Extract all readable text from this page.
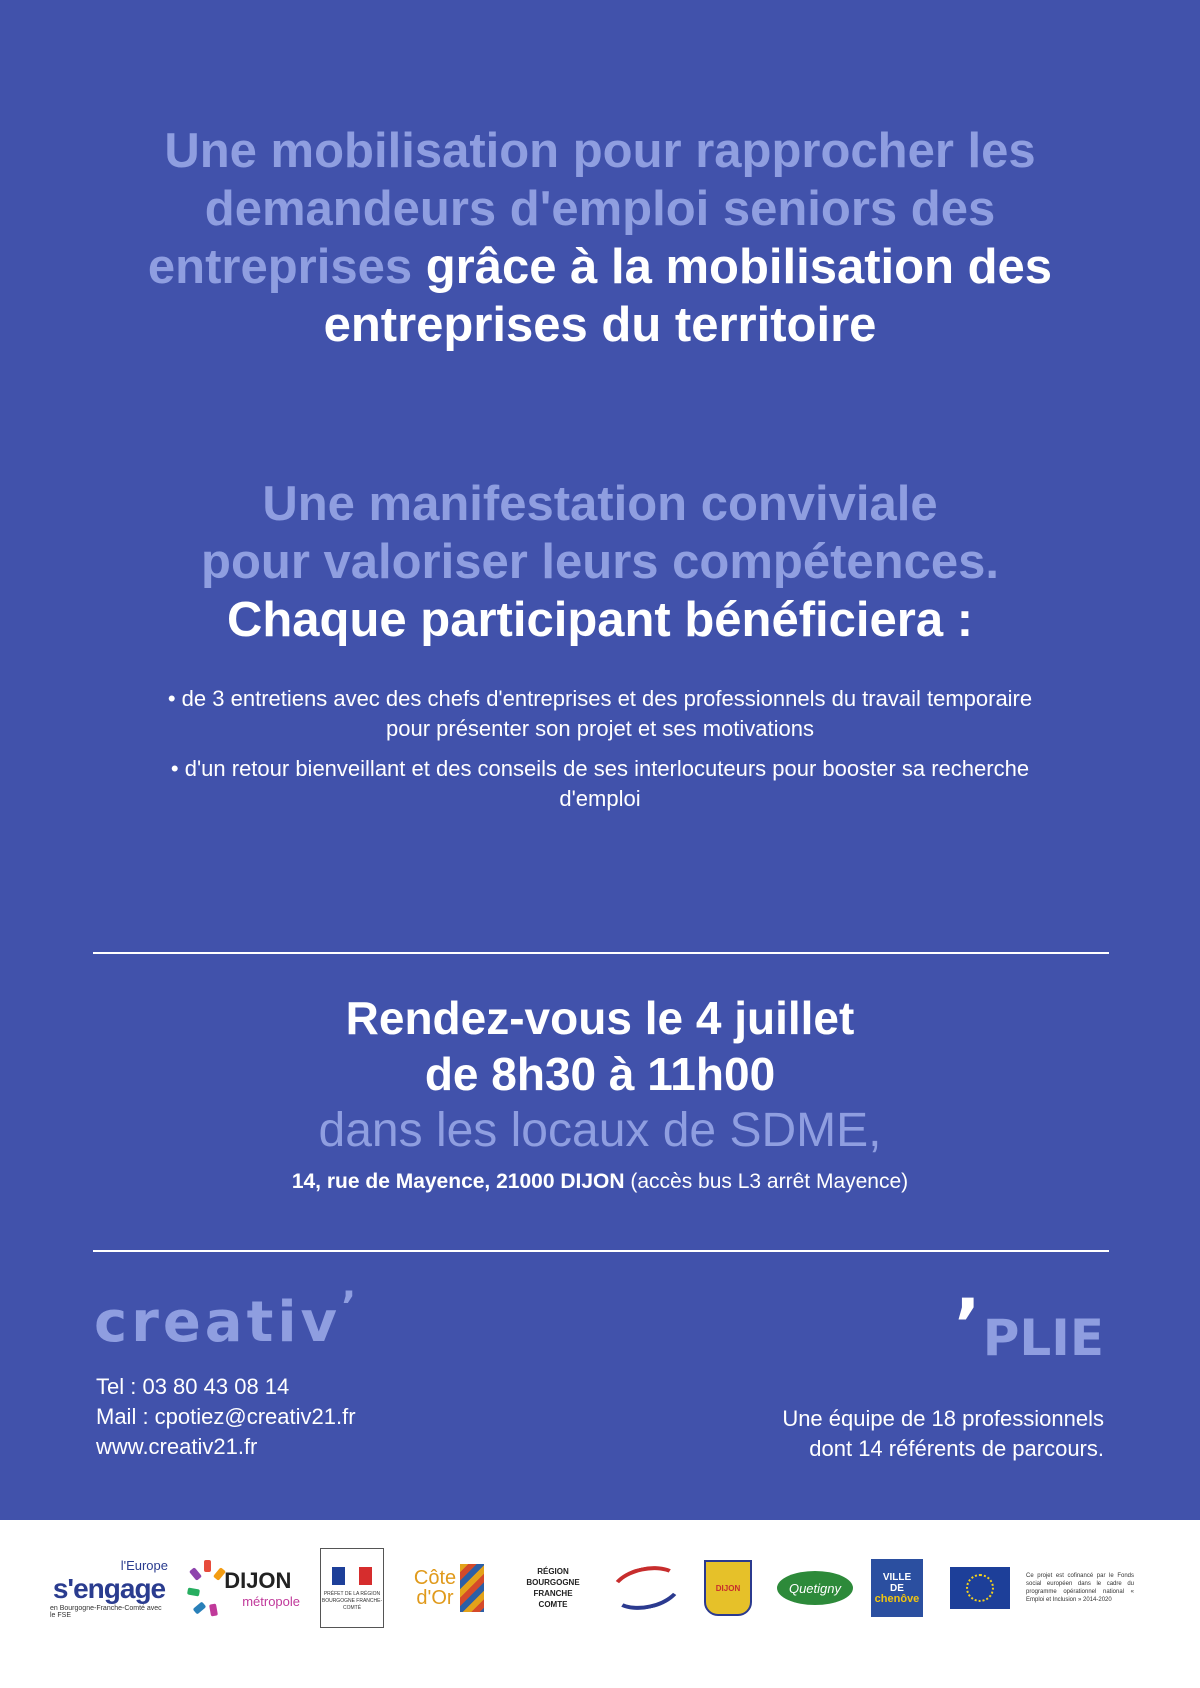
Une mobilisation pour rapprocher les demandeurs d'emploi seniors des entreprises grâce à la mobilisation des entreprises du territoire

Une manifestation conviviale

pour valoriser leurs compétences.

Chaque participant bénéficiera :

• de 3 entretiens avec des chefs d'entreprises et des professionnels du travail temporaire pour présenter son projet et ses motivations

• d'un retour bienveillant et des conseils de ses interlocuteurs pour booster sa recherche d'emploi

Rendez-vous le 4 juillet

de 8h30 à 11h00

dans les locaux de SDME,

14, rue de Mayence, 21000 DIJON (accès bus L3 arrêt Mayence)
creativ’
Tel : 03 80 43 08 14
Mail : cpotiez@creativ21.fr
www.creativ21.fr
’PLIE
Une équipe de 18 professionnels
dont 14 référents de parcours.
l'Europe
s'engage
en Bourgogne-Franche-Comté avec le FSE
DIJON
métropole	PRÉFET DE LA RÉGION BOURGOGNE FRANCHE-COMTÉ
Côte
d'Or
RÉGION
BOURGOGNE
FRANCHE
COMTE
DIJON	Quetigny
VILLE
DE
chenôve
Ce projet est cofinancé par le Fonds social européen dans le cadre du programme opérationnel national « Emploi et Inclusion » 2014-2020
